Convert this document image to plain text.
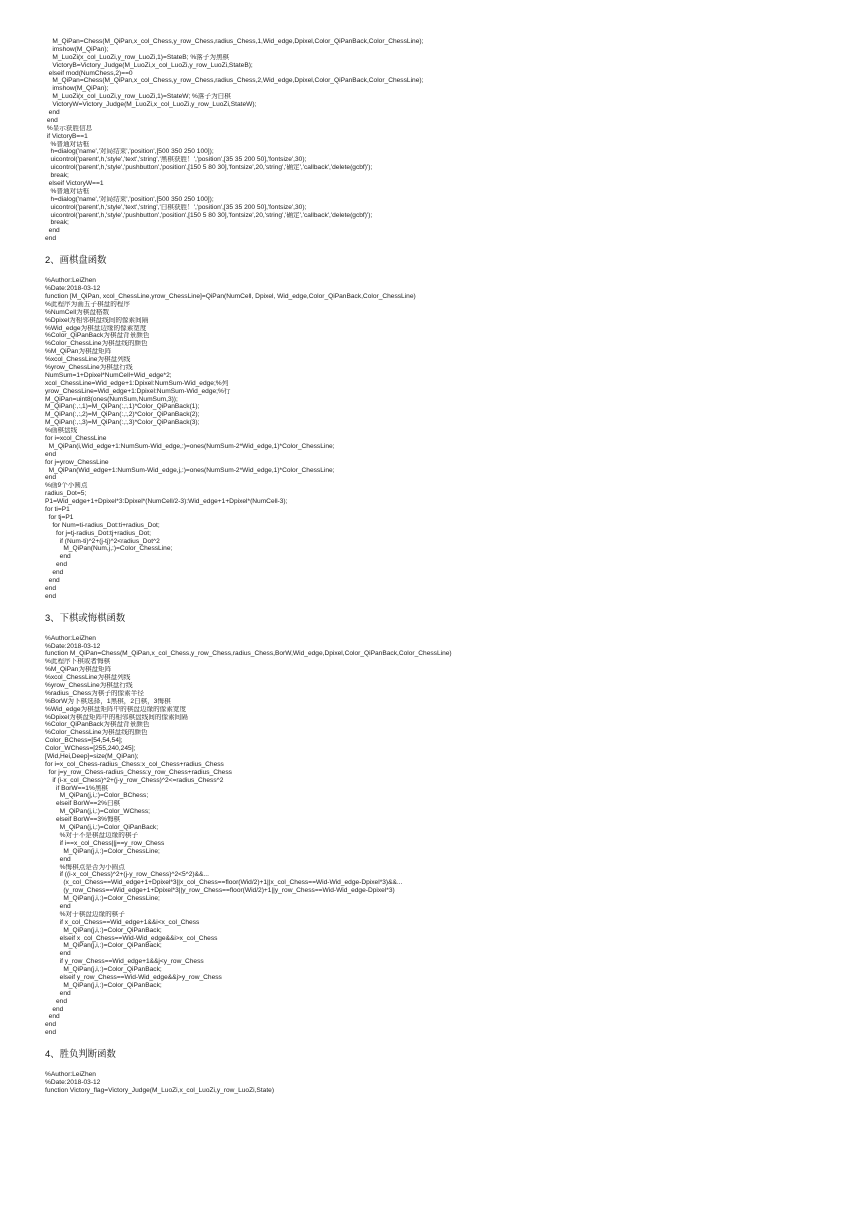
M_QiPan=Chess(M_QiPan,x_col_Chess,y_row_Chess,radius_Chess,1,Wid_edge,Dpixel,Color_QiPanBack,Color_ChessLine);
imshow(M_QiPan);
M_LuoZi(x_col_LuoZi,y_row_LuoZi,1)=StateB; %落子为黑棋
VictoryB=Victory_Judge(M_LuoZi,x_col_LuoZi,y_row_LuoZi,StateB);
elseif mod(NumChess,2)==0
M_QiPan=Chess(M_QiPan,x_col_Chess,y_row_Chess,radius_Chess,2,Wid_edge,Dpixel,Color_QiPanBack,Color_ChessLine);
imshow(M_QiPan);
M_LuoZi(x_col_LuoZi,y_row_LuoZi,1)=StateW; %落子为白棋
VictoryW=Victory_Judge(M_LuoZi,x_col_LuoZi,y_row_LuoZi,StateW);
end
end
%显示获胜信息
if VictoryB==1
%普通对话框
h=dialog('name','对局结束','position',[500 350 250 100]);
uicontrol('parent',h,'style','text','string','黑棋获胜！','position',[35 35 200 50],'fontsize',30);
uicontrol('parent',h,'style','pushbutton','position',[150 5 80 30],'fontsize',20,'string','确定','callback','delete(gcbf)');
break;
elseif VictoryW==1
%普通对话框
h=dialog('name','对局结束','position',[500 350 250 100]);
uicontrol('parent',h,'style','text','string','白棋获胜！','position',[35 35 200 50],'fontsize',30);
uicontrol('parent',h,'style','pushbutton','position',[150 5 80 30],'fontsize',20,'string','确定','callback','delete(gcbf)');
break;
end
end
2、画棋盘函数
%Author:LeiZhen
%Date:2018-03-12
function [M_QiPan, xcol_ChessLine,yrow_ChessLine]=QiPan(NumCell, Dpixel, Wid_edge,Color_QiPanBack,Color_ChessLine)
%此程序为画五子棋盘的程序
%NumCell为棋盘格数
%Dpixel为相邻棋盘线间的像素间隔
%Wid_edge为棋盘边缘的像素宽度
%Color_QiPanBack为棋盘背景颜色
%Color_ChessLine为棋盘线的颜色
%M_QiPan为棋盘矩阵
%xcol_ChessLine为棋盘列线
%yrow_ChessLine为棋盘行线
NumSum=1+Dpixel*NumCell+Wid_edge*2;
xcol_ChessLine=Wid_edge+1:Dpixel:NumSum-Wid_edge;%列
yrow_ChessLine=Wid_edge+1:Dpixel:NumSum-Wid_edge;%行
M_QiPan=uint8(ones(NumSum,NumSum,3));
M_QiPan(:,:,1)=M_QiPan(:,:,1)*Color_QiPanBack(1);
M_QiPan(:,:,2)=M_QiPan(:,:,2)*Color_QiPanBack(2);
M_QiPan(:,:,3)=M_QiPan(:,:,3)*Color_QiPanBack(3);
%画棋盘线
for i=xcol_ChessLine
M_QiPan(i,Wid_edge+1:NumSum-Wid_edge,:)=ones(NumSum-2*Wid_edge,1)*Color_ChessLine;
end
for j=yrow_ChessLine
M_QiPan(Wid_edge+1:NumSum-Wid_edge,j,:)=ones(NumSum-2*Wid_edge,1)*Color_ChessLine;
end
%画9个小圆点
radius_Dot=5;
P1=Wid_edge+1+Dpixel*3:Dpixel*(NumCell/2-3):Wid_edge+1+Dpixel*(NumCell-3);
for ti=P1
for tj=P1
for Num=ti-radius_Dot:ti+radius_Dot;
for j=tj-radius_Dot:tj+radius_Dot;
if (Num-ti)^2+(j-tj)^2<radius_Dot^2
M_QiPan(Num,j,:)=Color_ChessLine;
end
end
end
end
end
end
3、下棋或悔棋函数
%Author:LeiZhen
%Date:2018-03-12
function M_QiPan=Chess(M_QiPan,x_col_Chess,y_row_Chess,radius_Chess,BorW,Wid_edge,Dpixel,Color_QiPanBack,Color_ChessLine)
%此程序下棋或者悔棋
%M_QiPan为棋盘矩阵
%xcol_ChessLine为棋盘列线
%yrow_ChessLine为棋盘行线
%radius_Chess为棋子的像素半径
%BorW为下棋选择，1黑棋，2白棋，3悔棋
%Wid_edge为棋盘矩阵中的棋盘边缘的像素宽度
%Dpixel为棋盘矩阵中的相邻棋盘线间的像素间隔
%Color_QiPanBack为棋盘背景颜色
%Color_ChessLine为棋盘线的颜色
Color_BChess=[54,54,54];
Color_WChess=[255,240,245];
[Wid,Hei,Deep]=size(M_QiPan);
for i=x_col_Chess-radius_Chess:x_col_Chess+radius_Chess
for j=y_row_Chess-radius_Chess:y_row_Chess+radius_Chess
if (i-x_col_Chess)^2+(j-y_row_Chess)^2<=radius_Chess^2
if BorW==1%黑棋
M_QiPan(j,i,:)=Color_BChess;
elseif BorW==2%白棋
M_QiPan(j,i,:)=Color_WChess;
elseif BorW==3%悔棋
M_QiPan(j,i,:)=Color_QiPanBack;
%对于不是棋盘边缘的棋子
if i==x_col_Chess||j==y_row_Chess
M_QiPan(j,i,:)=Color_ChessLine;
end
%悔棋点是否为小圆点
if ((i-x_col_Chess)^2+(j-y_row_Chess)^2<5^2)&&...
(x_col_Chess==Wid_edge+1+Dpixel*3||x_col_Chess==floor(Wid/2)+1||x_col_Chess==Wid-Wid_edge-Dpixel*3)&&...
(y_row_Chess==Wid_edge+1+Dpixel*3||y_row_Chess==floor(Wid/2)+1||y_row_Chess==Wid-Wid_edge-Dpixel*3)
M_QiPan(j,i,:)=Color_ChessLine;
end
%对于棋盘边缘的棋子
if x_col_Chess==Wid_edge+1&&i<x_col_Chess
M_QiPan(j,i,:)=Color_QiPanBack;
elseif x_col_Chess==Wid-Wid_edge&&i>x_col_Chess
M_QiPan(j,i,:)=Color_QiPanBack;
end
if y_row_Chess==Wid_edge+1&&j<y_row_Chess
M_QiPan(j,i,:)=Color_QiPanBack;
elseif y_row_Chess==Wid-Wid_edge&&j>y_row_Chess
M_QiPan(j,i,:)=Color_QiPanBack;
end
end
end
end
end
end
4、胜负判断函数
%Author:LeiZhen
%Date:2018-03-12
function Victory_flag=Victory_Judge(M_LuoZi,x_col_LuoZi,y_row_LuoZi,State)
